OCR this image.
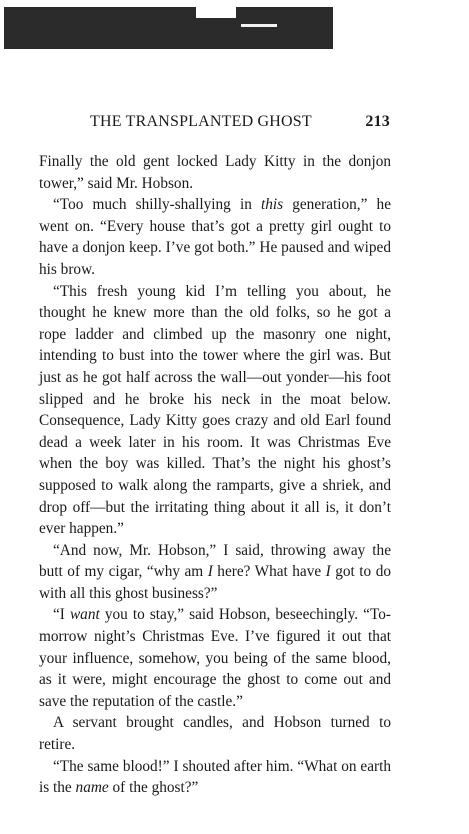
THE TRANSPLANTED GHOST	213

Finally the old gent locked Lady Kitty in the donjon tower,” said Mr. Hobson.

“Too much shilly-shallying in this generation,” he went on. “Every house that’s got a pretty girl ought to have a donjon keep. I’ve got both.” He paused and wiped his brow.

“This fresh young kid I’m telling you about, he thought he knew more than the old folks, so he got a rope ladder and climbed up the masonry one night, intending to bust into the tower where the girl was. But just as he got half across the wall—out yonder—his foot slipped and he broke his neck in the moat below. Consequence, Lady Kitty goes crazy and old Earl found dead a week later in his room. It was Christmas Eve when the boy was killed. That’s the night his ghost’s supposed to walk along the ramparts, give a shriek, and drop off—but the irritating thing about it all is, it don’t ever happen.”

“And now, Mr. Hobson,” I said, throwing away the butt of my cigar, “why am I here? What have I got to do with all this ghost business?”

“I want you to stay,” said Hobson, beseechingly. “To-morrow night’s Christmas Eve. I’ve figured it out that your influence, somehow, you being of the same blood, as it were, might encourage the ghost to come out and save the reputation of the castle.”

A servant brought candles, and Hobson turned to retire.

“The same blood!” I shouted after him. “What on earth is the name of the ghost?”
